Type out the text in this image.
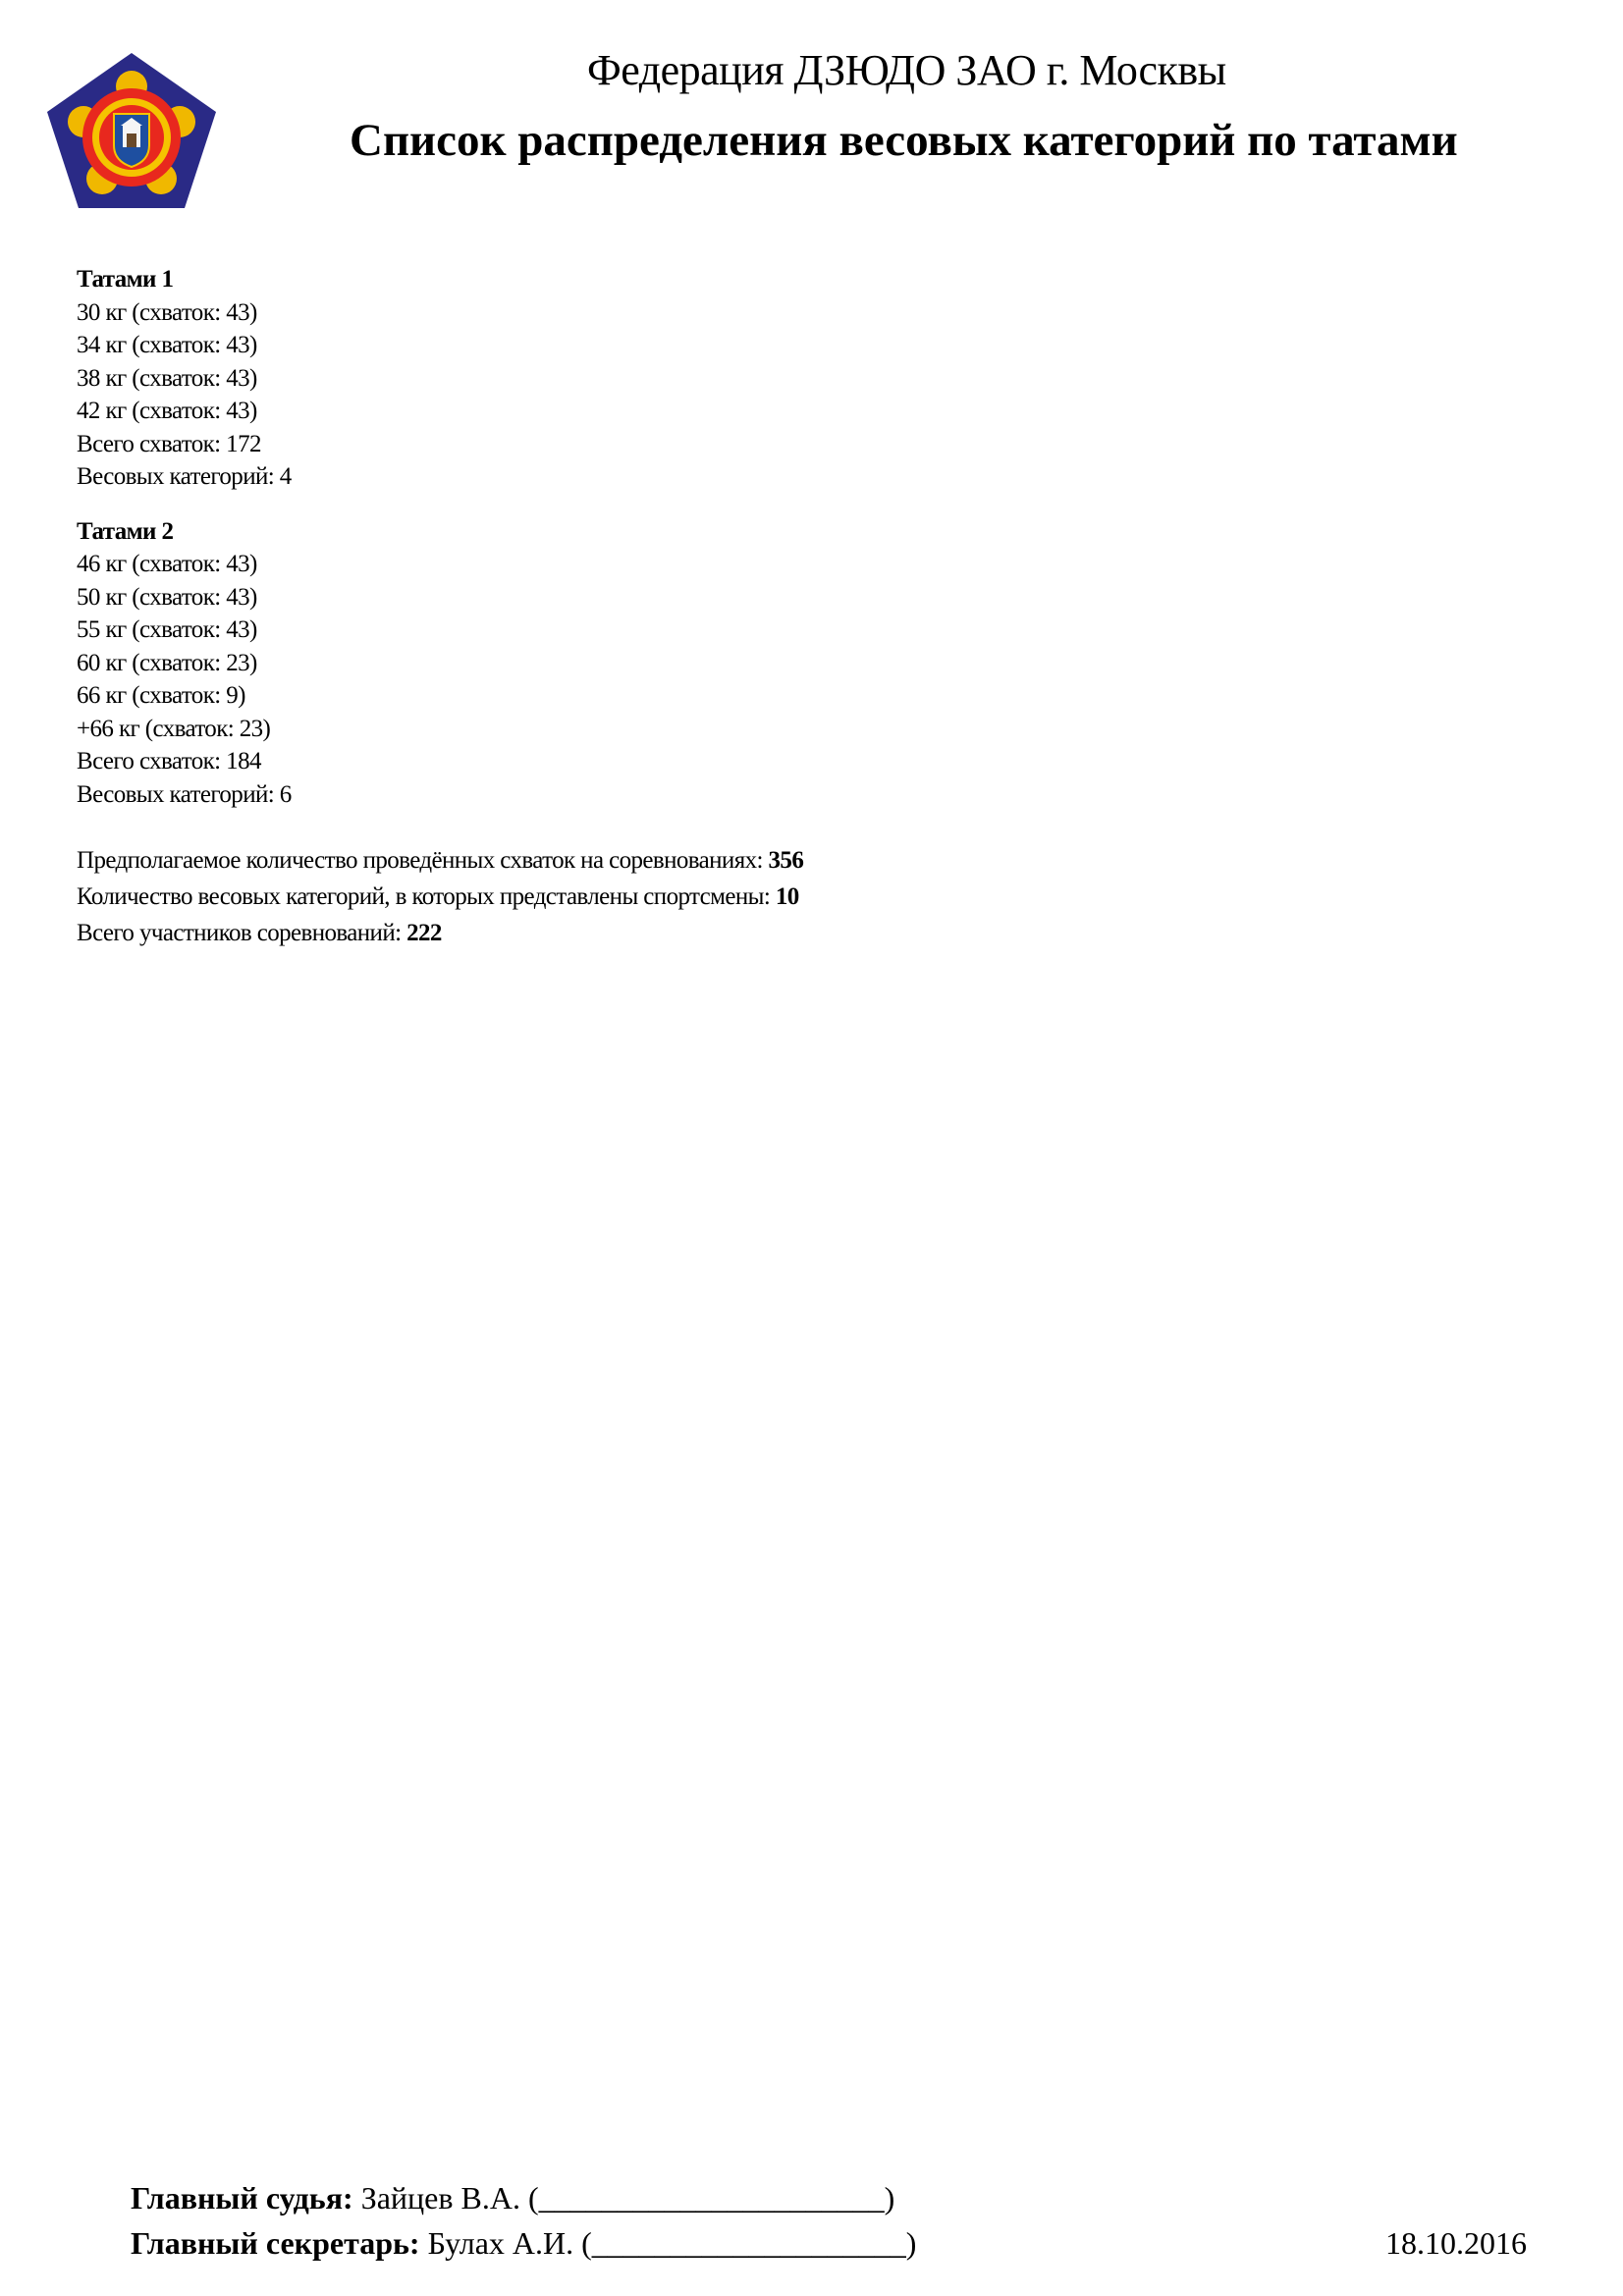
Федерация ДЗЮДО ЗАО г. Москвы
Список распределения весовых категорий по татами
Татами 1
30 кг (схваток: 43)
34 кг (схваток: 43)
38 кг (схваток: 43)
42 кг (схваток: 43)
Всего схваток: 172
Весовых категорий: 4
Татами 2
46 кг (схваток: 43)
50 кг (схваток: 43)
55 кг (схваток: 43)
60 кг (схваток: 23)
66 кг (схваток: 9)
+66 кг (схваток: 23)
Всего схваток: 184
Весовых категорий: 6
Предполагаемое количество проведённых схваток на соревнованиях: 356
Количество весовых категорий, в которых представлены спортсмены: 10
Всего участников соревнований: 222
Главный судья: Зайцев В.А. (______________________)
Главный секретарь: Булах А.И. (____________________)	18.10.2016
